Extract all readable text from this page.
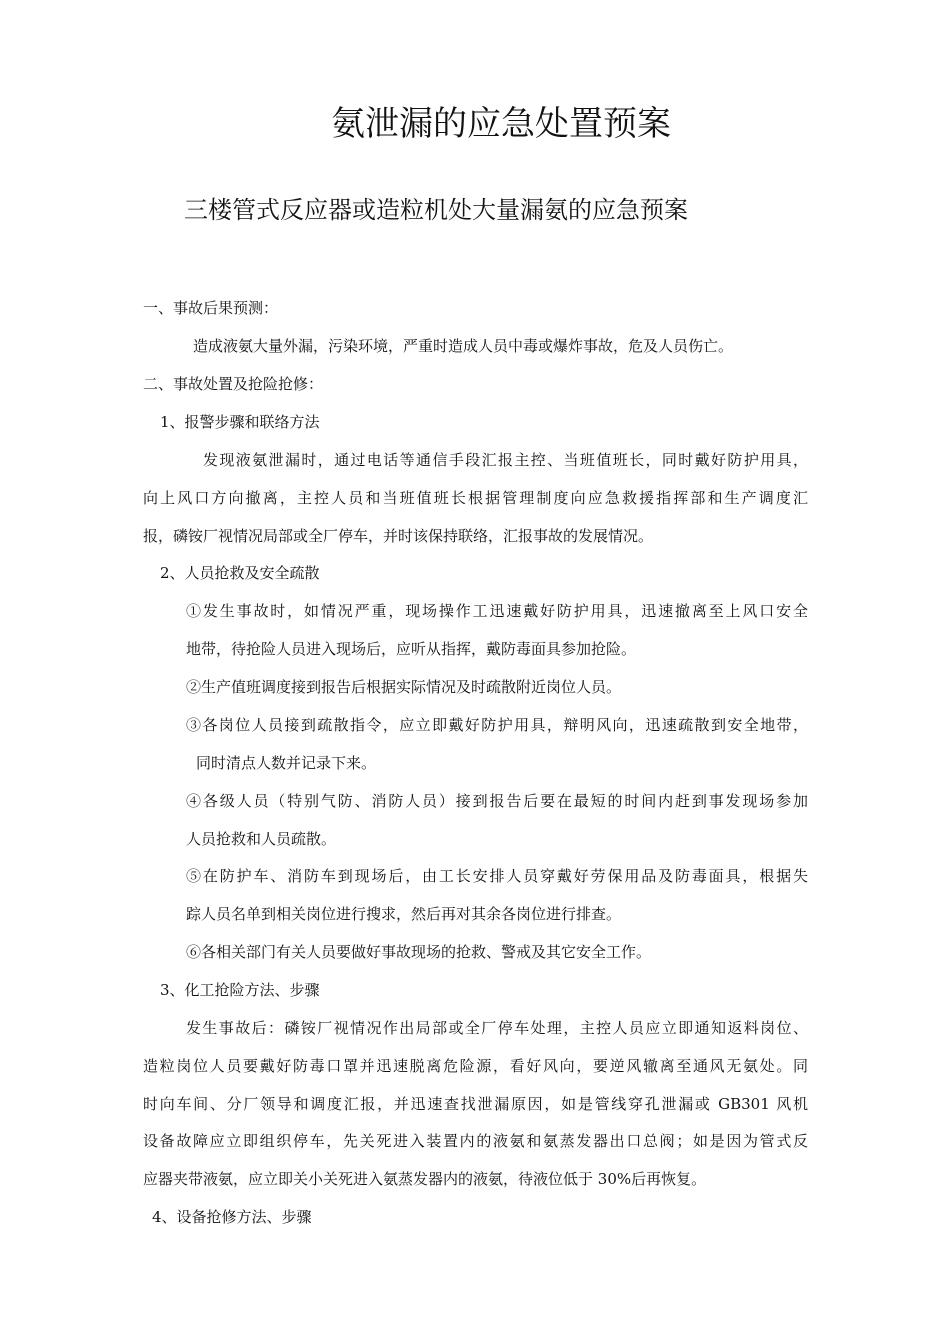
氨泄漏的应急处置预案
三楼管式反应器或造粒机处大量漏氨的应急预案
一、事故后果预测：
造成液氨大量外漏，污染环境，严重时造成人员中毒或爆炸事故，危及人员伤亡。
二、事故处置及抢险抢修：
1、报警步骤和联络方法
发现液氨泄漏时，通过电话等通信手段汇报主控、当班值班长，同时戴好防护用具，
向上风口方向撤离，主控人员和当班值班长根据管理制度向应急救援指挥部和生产调度汇
报，磷铵厂视情况局部或全厂停车，并时该保持联络，汇报事故的发展情况。
2、人员抢救及安全疏散
①发生事故时，如情况严重，现场操作工迅速戴好防护用具，迅速撤离至上风口安全
地带，待抢险人员进入现场后，应听从指挥，戴防毒面具参加抢险。
②生产值班调度接到报告后根据实际情况及时疏散附近岗位人员。
③各岗位人员接到疏散指令，应立即戴好防护用具，辩明风向，迅速疏散到安全地带，
同时清点人数并记录下来。
④各级人员（特别气防、消防人员）接到报告后要在最短的时间内赶到事发现场参加
人员抢救和人员疏散。
⑤在防护车、消防车到现场后，由工长安排人员穿戴好劳保用品及防毒面具，根据失
踪人员名单到相关岗位进行搜求，然后再对其余各岗位进行排查。
⑥各相关部门有关人员要做好事故现场的抢救、警戒及其它安全工作。
3、化工抢险方法、步骤
发生事故后：磷铵厂视情况作出局部或全厂停车处理，主控人员应立即通知返料岗位、
造粒岗位人员要戴好防毒口罩并迅速脱离危险源，看好风向，要逆风辙离至通风无氨处。同
时向车间、分厂领导和调度汇报，并迅速查找泄漏原因，如是管线穿孔泄漏或 GB301 风机
设备故障应立即组织停车，先关死进入装置内的液氨和氨蒸发器出口总阀；如是因为管式反
应器夹带液氨，应立即关小关死进入氨蒸发器内的液氨，待液位低于 30%后再恢复。
4、设备抢修方法、步骤
